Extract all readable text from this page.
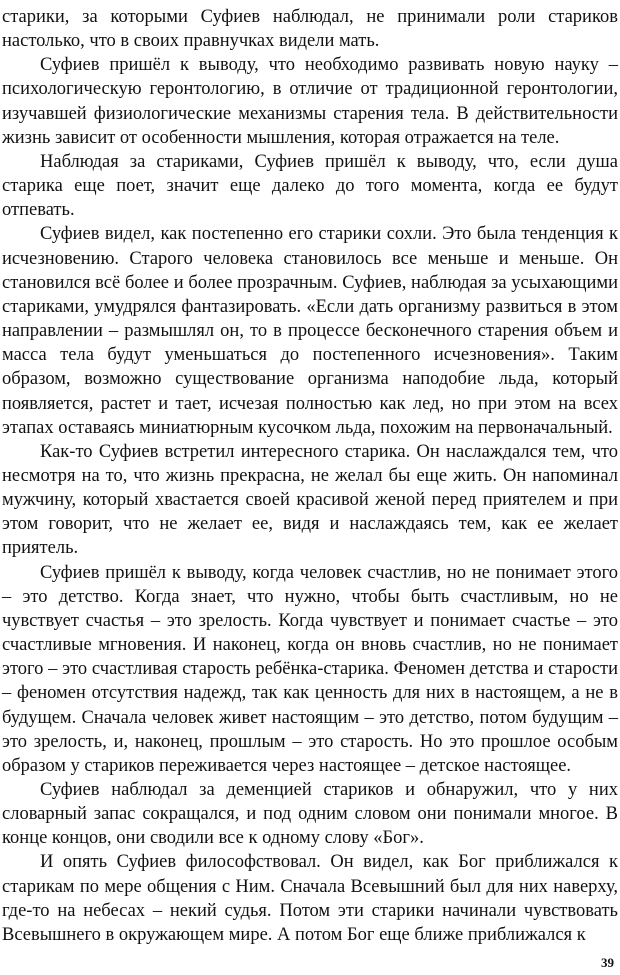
старики, за которыми Суфиев наблюдал, не принимали роли стариков настолько, что в своих правнучках видели мать.

Суфиев пришёл к выводу, что необходимо развивать новую науку – психологическую геронтологию, в отличие от традиционной геронтологии, изучавшей физиологические механизмы старения тела. В действительности жизнь зависит от особенности мышления, которая отражается на теле.

Наблюдая за стариками, Суфиев пришёл к выводу, что, если душа старика еще поет, значит еще далеко до того момента, когда ее будут отпевать.

Суфиев видел, как постепенно его старики сохли. Это была тенденция к исчезновению. Старого человека становилось все меньше и меньше. Он становился всё более и более прозрачным. Суфиев, наблюдая за усыхающими стариками, умудрялся фантазировать. «Если дать организму развиться в этом направлении – размышлял он, то в процессе бесконечного старения объем и масса тела будут уменьшаться до постепенного исчезновения». Таким образом, возможно существование организма наподобие льда, который появляется, растет и тает, исчезая полностью как лед, но при этом на всех этапах оставаясь миниатюрным кусочком льда, похожим на первоначальный.

Как-то Суфиев встретил интересного старика. Он наслаждался тем, что несмотря на то, что жизнь прекрасна, не желал бы еще жить. Он напоминал мужчину, который хвастается своей красивой женой перед приятелем и при этом говорит, что не желает ее, видя и наслаждаясь тем, как ее желает приятель.

Суфиев пришёл к выводу, когда человек счастлив, но не понимает этого – это детство. Когда знает, что нужно, чтобы быть счастливым, но не чувствует счастья – это зрелость. Когда чувствует и понимает счастье – это счастливые мгновения. И наконец, когда он вновь счастлив, но не понимает этого – это счастливая старость ребёнка-старика. Феномен детства и старости – феномен отсутствия надежд, так как ценность для них в настоящем, а не в будущем. Сначала человек живет настоящим – это детство, потом будущим – это зрелость, и, наконец, прошлым – это старость. Но это прошлое особым образом у стариков переживается через настоящее – детское настоящее.

Суфиев наблюдал за деменцией стариков и обнаружил, что у них словарный запас сокращался, и под одним словом они понимали многое. В конце концов, они сводили все к одному слову «Бог».

И опять Суфиев философствовал. Он видел, как Бог приближался к старикам по мере общения с Ним. Сначала Всевышний был для них наверху, где-то на небесах – некий судья. Потом эти старики начинали чувствовать Всевышнего в окружающем мире. А потом Бог еще ближе приближался к

39
